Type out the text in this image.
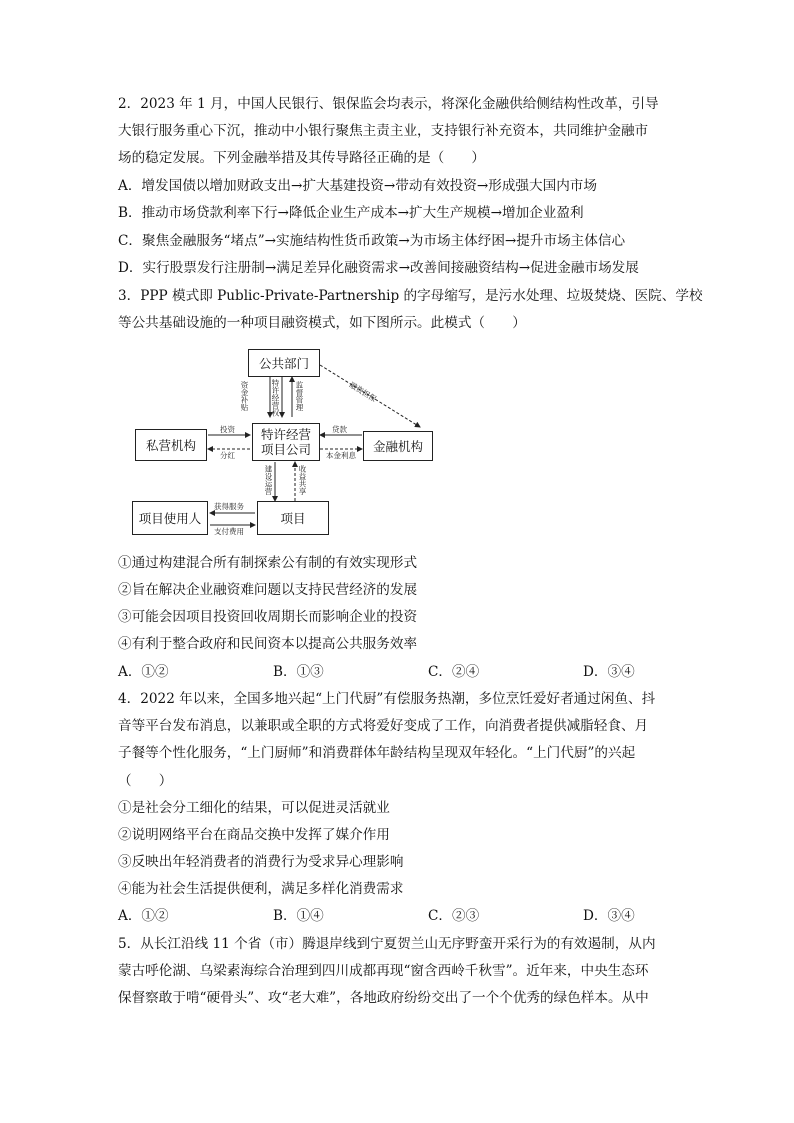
2．2023 年 1 月，中国人民银行、银保监会均表示，将深化金融供给侧结构性改革，引导
大银行服务重心下沉，推动中小银行聚焦主责主业，支持银行补充资本，共同维护金融市
场的稳定发展。下列金融举措及其传导路径正确的是（　　）
A．增发国债以增加财政支出→扩大基建投资→带动有效投资→形成强大国内市场
B．推动市场贷款利率下行→降低企业生产成本→扩大生产规模→增加企业盈利
C．聚焦金融服务“堵点”→实施结构性货币政策→为市场主体纾困→提升市场主体信心
D．实行股票发行注册制→满足差异化融资需求→改善间接融资结构→促进金融市场发展
3．PPP 模式即 Public-Private-Partnership 的字母缩写，是污水处理、垃圾焚烧、医院、学校
等公共基础设施的一种项目融资模式，如下图所示。此模式（　　）
公共部门
私营机构
特许经营
项目公司	金融机构
项目使用人	项目
资金补贴	特许经营权 监督管理	融资担保
投资
分红
贷款
本金利息
建设运营	收益共享
获得服务
支付费用
①通过构建混合所有制探索公有制的有效实现形式
②旨在解决企业融资难问题以支持民营经济的发展
③可能会因项目投资回收周期长而影响企业的投资
④有利于整合政府和民间资本以提高公共服务效率
A．①②	B．①③	C．②④	D．③④
4．2022 年以来，全国多地兴起“上门代厨”有偿服务热潮，多位烹饪爱好者通过闲鱼、抖
音等平台发布消息，以兼职或全职的方式将爱好变成了工作，向消费者提供减脂轻食、月
子餐等个性化服务，“上门厨师”和消费群体年龄结构呈现双年轻化。“上门代厨”的兴起
（　　）
①是社会分工细化的结果，可以促进灵活就业
②说明网络平台在商品交换中发挥了媒介作用
③反映出年轻消费者的消费行为受求异心理影响
④能为社会生活提供便利，满足多样化消费需求
A．①②	B．①④	C．②③	D．③④
5．从长江沿线 11 个省（市）腾退岸线到宁夏贺兰山无序野蛮开采行为的有效遏制，从内
蒙古呼伦湖、乌梁素海综合治理到四川成都再现“窗含西岭千秋雪”。近年来，中央生态环
保督察敢于啃“硬骨头”、攻“老大难”，各地政府纷纷交出了一个个优秀的绿色样本。从中
